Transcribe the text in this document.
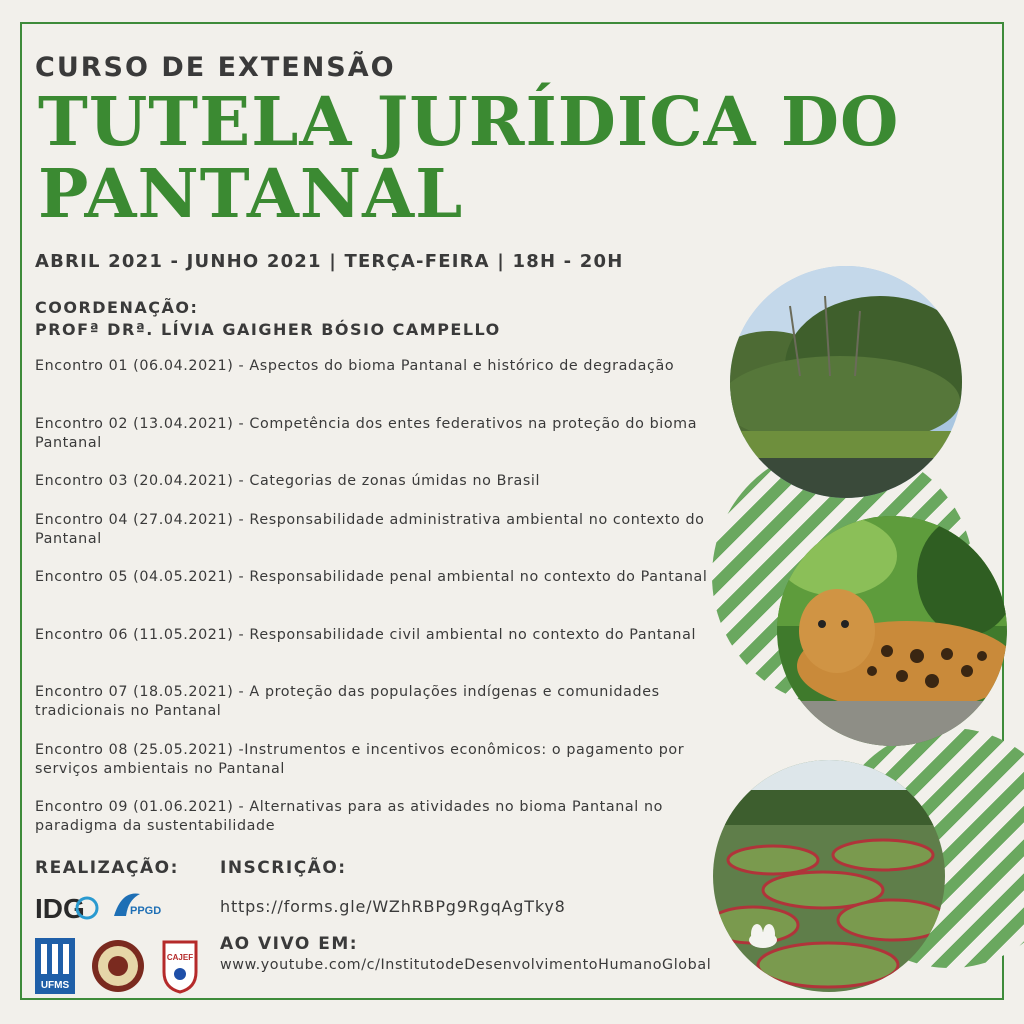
CURSO DE EXTENSÃO
TUTELA JURÍDICA DO
PANTANAL
ABRIL 2021 - JUNHO 2021 | TERÇA-FEIRA | 18H - 20H
COORDENAÇÃO:
PROFª DRª. LÍVIA GAIGHER BÓSIO CAMPELLO
Encontro 01 (06.04.2021) - Aspectos do bioma Pantanal e histórico de degradação
Encontro 02 (13.04.2021) - Competência dos entes federativos na proteção do bioma Pantanal
Encontro 03 (20.04.2021) - Categorias de zonas úmidas no Brasil
Encontro 04 (27.04.2021) - Responsabilidade administrativa ambiental no contexto do Pantanal
Encontro 05 (04.05.2021) - Responsabilidade penal ambiental no contexto do Pantanal
Encontro 06 (11.05.2021) - Responsabilidade civil ambiental no contexto do Pantanal
Encontro 07 (18.05.2021) - A proteção das populações indígenas e comunidades tradicionais no Pantanal
Encontro 08 (25.05.2021) -Instrumentos e incentivos econômicos: o pagamento por serviços ambientais no Pantanal
Encontro 09 (01.06.2021) - Alternativas para as atividades no bioma Pantanal no paradigma da sustentabilidade
REALIZAÇÃO: INSCRIÇÃO:
https://forms.gle/WZhRBPg9RgqAgTky8
AO VIVO EM:
www.youtube.com/c/InstitutodeDesenvolvimentoHumanoGlobal
IDG	PPGD
UFMS
CAJEF
